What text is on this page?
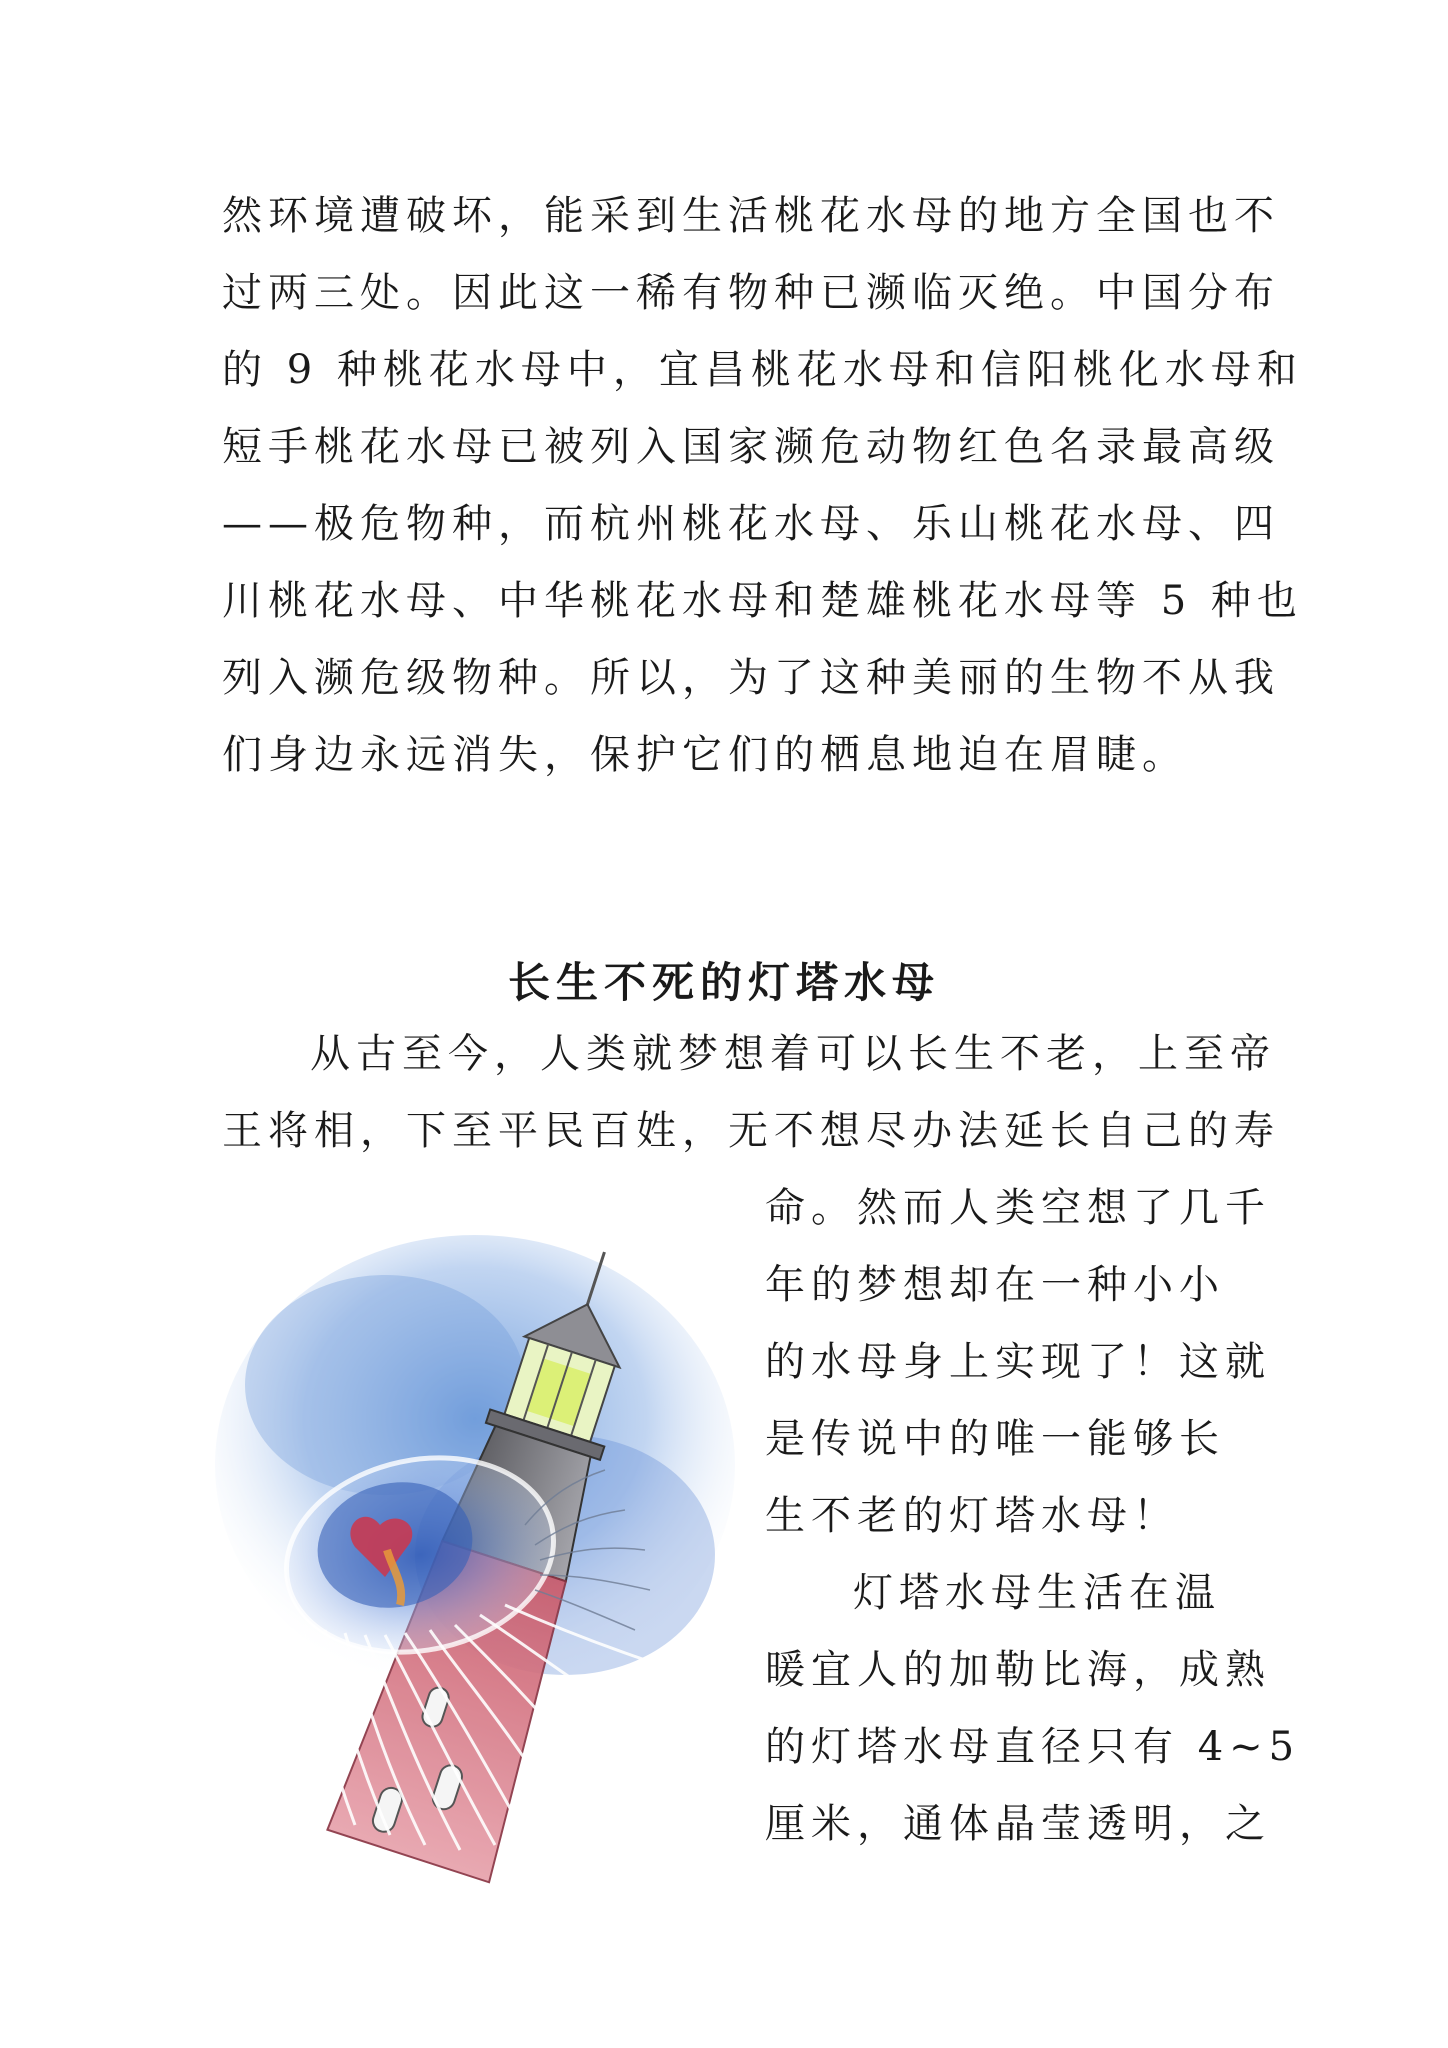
然环境遭破坏，能采到生活桃花水母的地方全国也不
过两三处。因此这一稀有物种已濒临灭绝。中国分布
的 9 种桃花水母中，宜昌桃花水母和信阳桃化水母和
短手桃花水母已被列入国家濒危动物红色名录最高级
——极危物种，而杭州桃花水母、乐山桃花水母、四
川桃花水母、中华桃花水母和楚雄桃花水母等 5 种也
列入濒危级物种。所以，为了这种美丽的生物不从我
们身边永远消失，保护它们的栖息地迫在眉睫。
长生不死的灯塔水母
从古至今，人类就梦想着可以长生不老，上至帝
王将相，下至平民百姓，无不想尽办法延长自己的寿
命。然而人类空想了几千
年的梦想却在一种小小
的水母身上实现了！这就
是传说中的唯一能够长
生不老的灯塔水母！
灯塔水母生活在温
暖宜人的加勒比海，成熟
的灯塔水母直径只有 4~5
厘米，通体晶莹透明，之
